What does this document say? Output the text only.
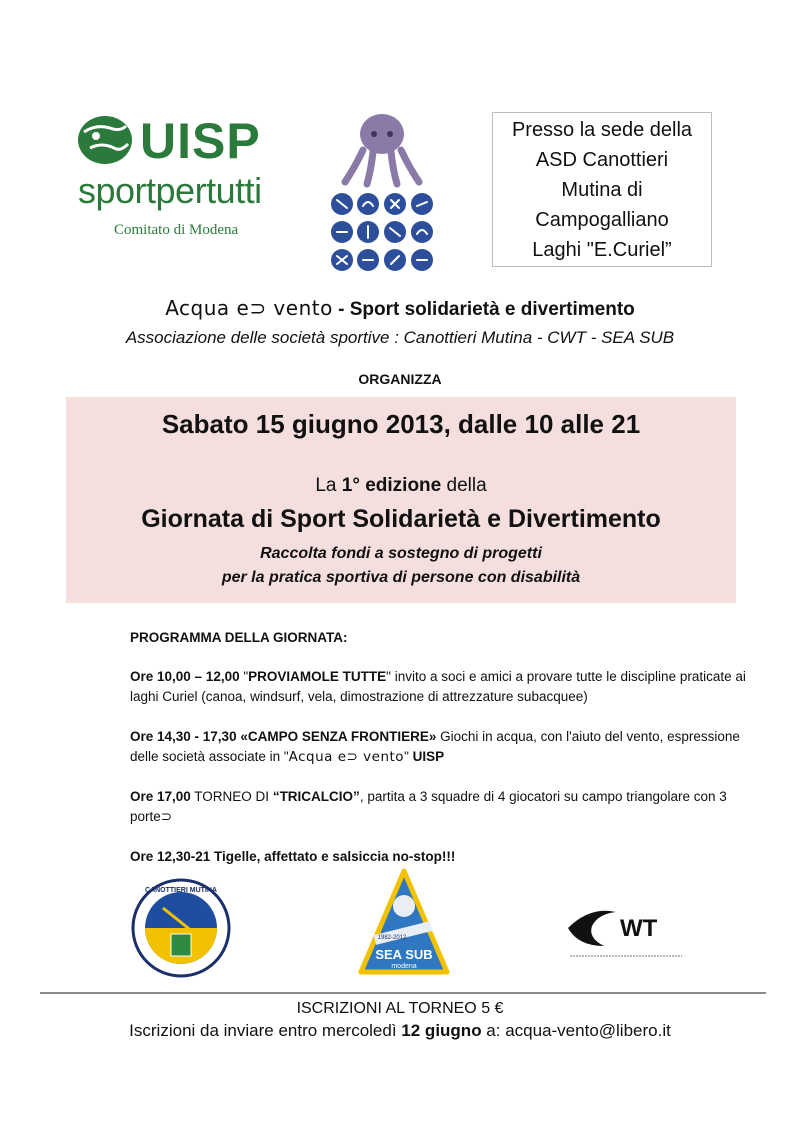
UISP
sportpertutti
Comitato di Modena
Presso la sede della
ASD Canottieri
Mutina di
Campogalliano
Laghi "E.Curiel”
Acqua e⊃ vento - Sport solidarietà e divertimento
Associazione delle società sportive : Canottieri Mutina - CWT - SEA SUB
ORGANIZZA
Sabato 15 giugno 2013, dalle 10 alle 21
La 1° edizione della
Giornata di Sport Solidarietà e Divertimento
Raccolta fondi a sostegno di progetti
per la pratica sportiva di persone con disabilità

PROGRAMMA DELLA GIORNATA:

Ore 10,00 – 12,00 "PROVIAMOLE TUTTE" invito a soci e amici a provare tutte le discipline praticate ai laghi Curiel (canoa, windsurf, vela, dimostrazione di attrezzature subacquee)

Ore 14,30 - 17,30 «CAMPO SENZA FRONTIERE» Giochi in acqua, con l'aiuto del vento, espressione delle società associate in "Acqua e⊃ vento" UISP

Ore 17,00 TORNEO DI “TRICALCIO”, partita a 3 squadre di 4 giocatori su campo triangolare con 3 porte⊃

Ore 12,30-21 Tigelle, affettato e salsiccia no-stop!!!

CANOTTIERI MUTINA
1982-2012
SEA SUB
modena
WT
ISCRIZIONI AL TORNEO 5 €
Iscrizioni da inviare entro mercoledì 12 giugno a: acqua-vento@libero.it
